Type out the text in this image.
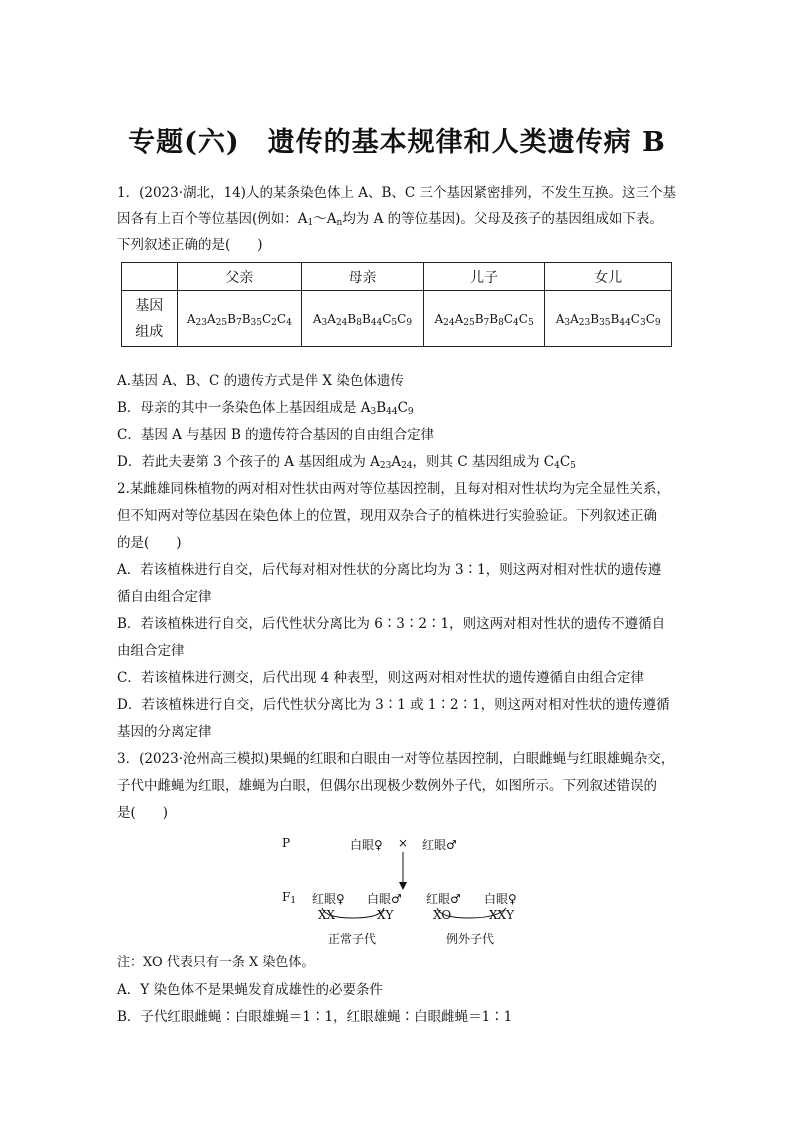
专题(六)　遗传的基本规律和人类遗传病 B
1．(2023·湖北，14)人的某条染色体上 A、B、C 三个基因紧密排列，不发生互换。这三个基
因各有上百个等位基因(例如：$A_1\sim A_n$均为 A 的等位基因)。父母及孩子的基因组成如下表。
下列叙述正确的是(　　)
	父亲	母亲	儿子	女儿
基因组成	$A_{23}A_{25}B_7B_{35}C_2C_4$	$A_3A_{24}B_8B_{44}C_5C_9$	$A_{24}A_{25}B_7B_8C_4C_5$	$A_3A_{23}B_{35}B_{44}C_3C_9$
A.基因 A、B、C 的遗传方式是伴 X 染色体遗传
B．母亲的其中一条染色体上基因组成是 $A_3B_{44}C_9$
C．基因 A 与基因 B 的遗传符合基因的自由组合定律
D．若此夫妻第 3 个孩子的 A 基因组成为 $A_{23}A_{24}$，则其 C 基因组成为 $C_4C_5$
2.某雌雄同株植物的两对相对性状由两对等位基因控制，且每对相对性状均为完全显性关系，
但不知两对等位基因在染色体上的位置，现用双杂合子的植株进行实验验证。下列叙述正确
的是(　　)
A．若该植株进行自交，后代每对相对性状的分离比均为 3∶1，则这两对相对性状的遗传遵
循自由组合定律
B．若该植株进行自交，后代性状分离比为 6∶3∶2∶1，则这两对相对性状的遗传不遵循自
由组合定律
C．若该植株进行测交，后代出现 4 种表型，则这两对相对性状的遗传遵循自由组合定律
D．若该植株进行自交，后代性状分离比为 3∶1 或 1∶2∶1，则这两对相对性状的遗传遵循
基因的分离定律
3．(2023·沧州高三模拟)果蝇的红眼和白眼由一对等位基因控制，白眼雌蝇与红眼雄蝇杂交，
子代中雌蝇为红眼，雄蝇为白眼，但偶尔出现极少数例外子代，如图所示。下列叙述错误的
是(　　)
P	白眼♀ × 红眼♂
$F_1$ 红眼♀ 白眼♂ 红眼♂ 白眼♀
XX	XY	XO	XXY
正常子代	例外子代
注：XO 代表只有一条 X 染色体。
A．Y 染色体不是果蝇发育成雄性的必要条件
B．子代红眼雌蝇∶白眼雄蝇＝1∶1，红眼雄蝇∶白眼雌蝇＝1∶1
